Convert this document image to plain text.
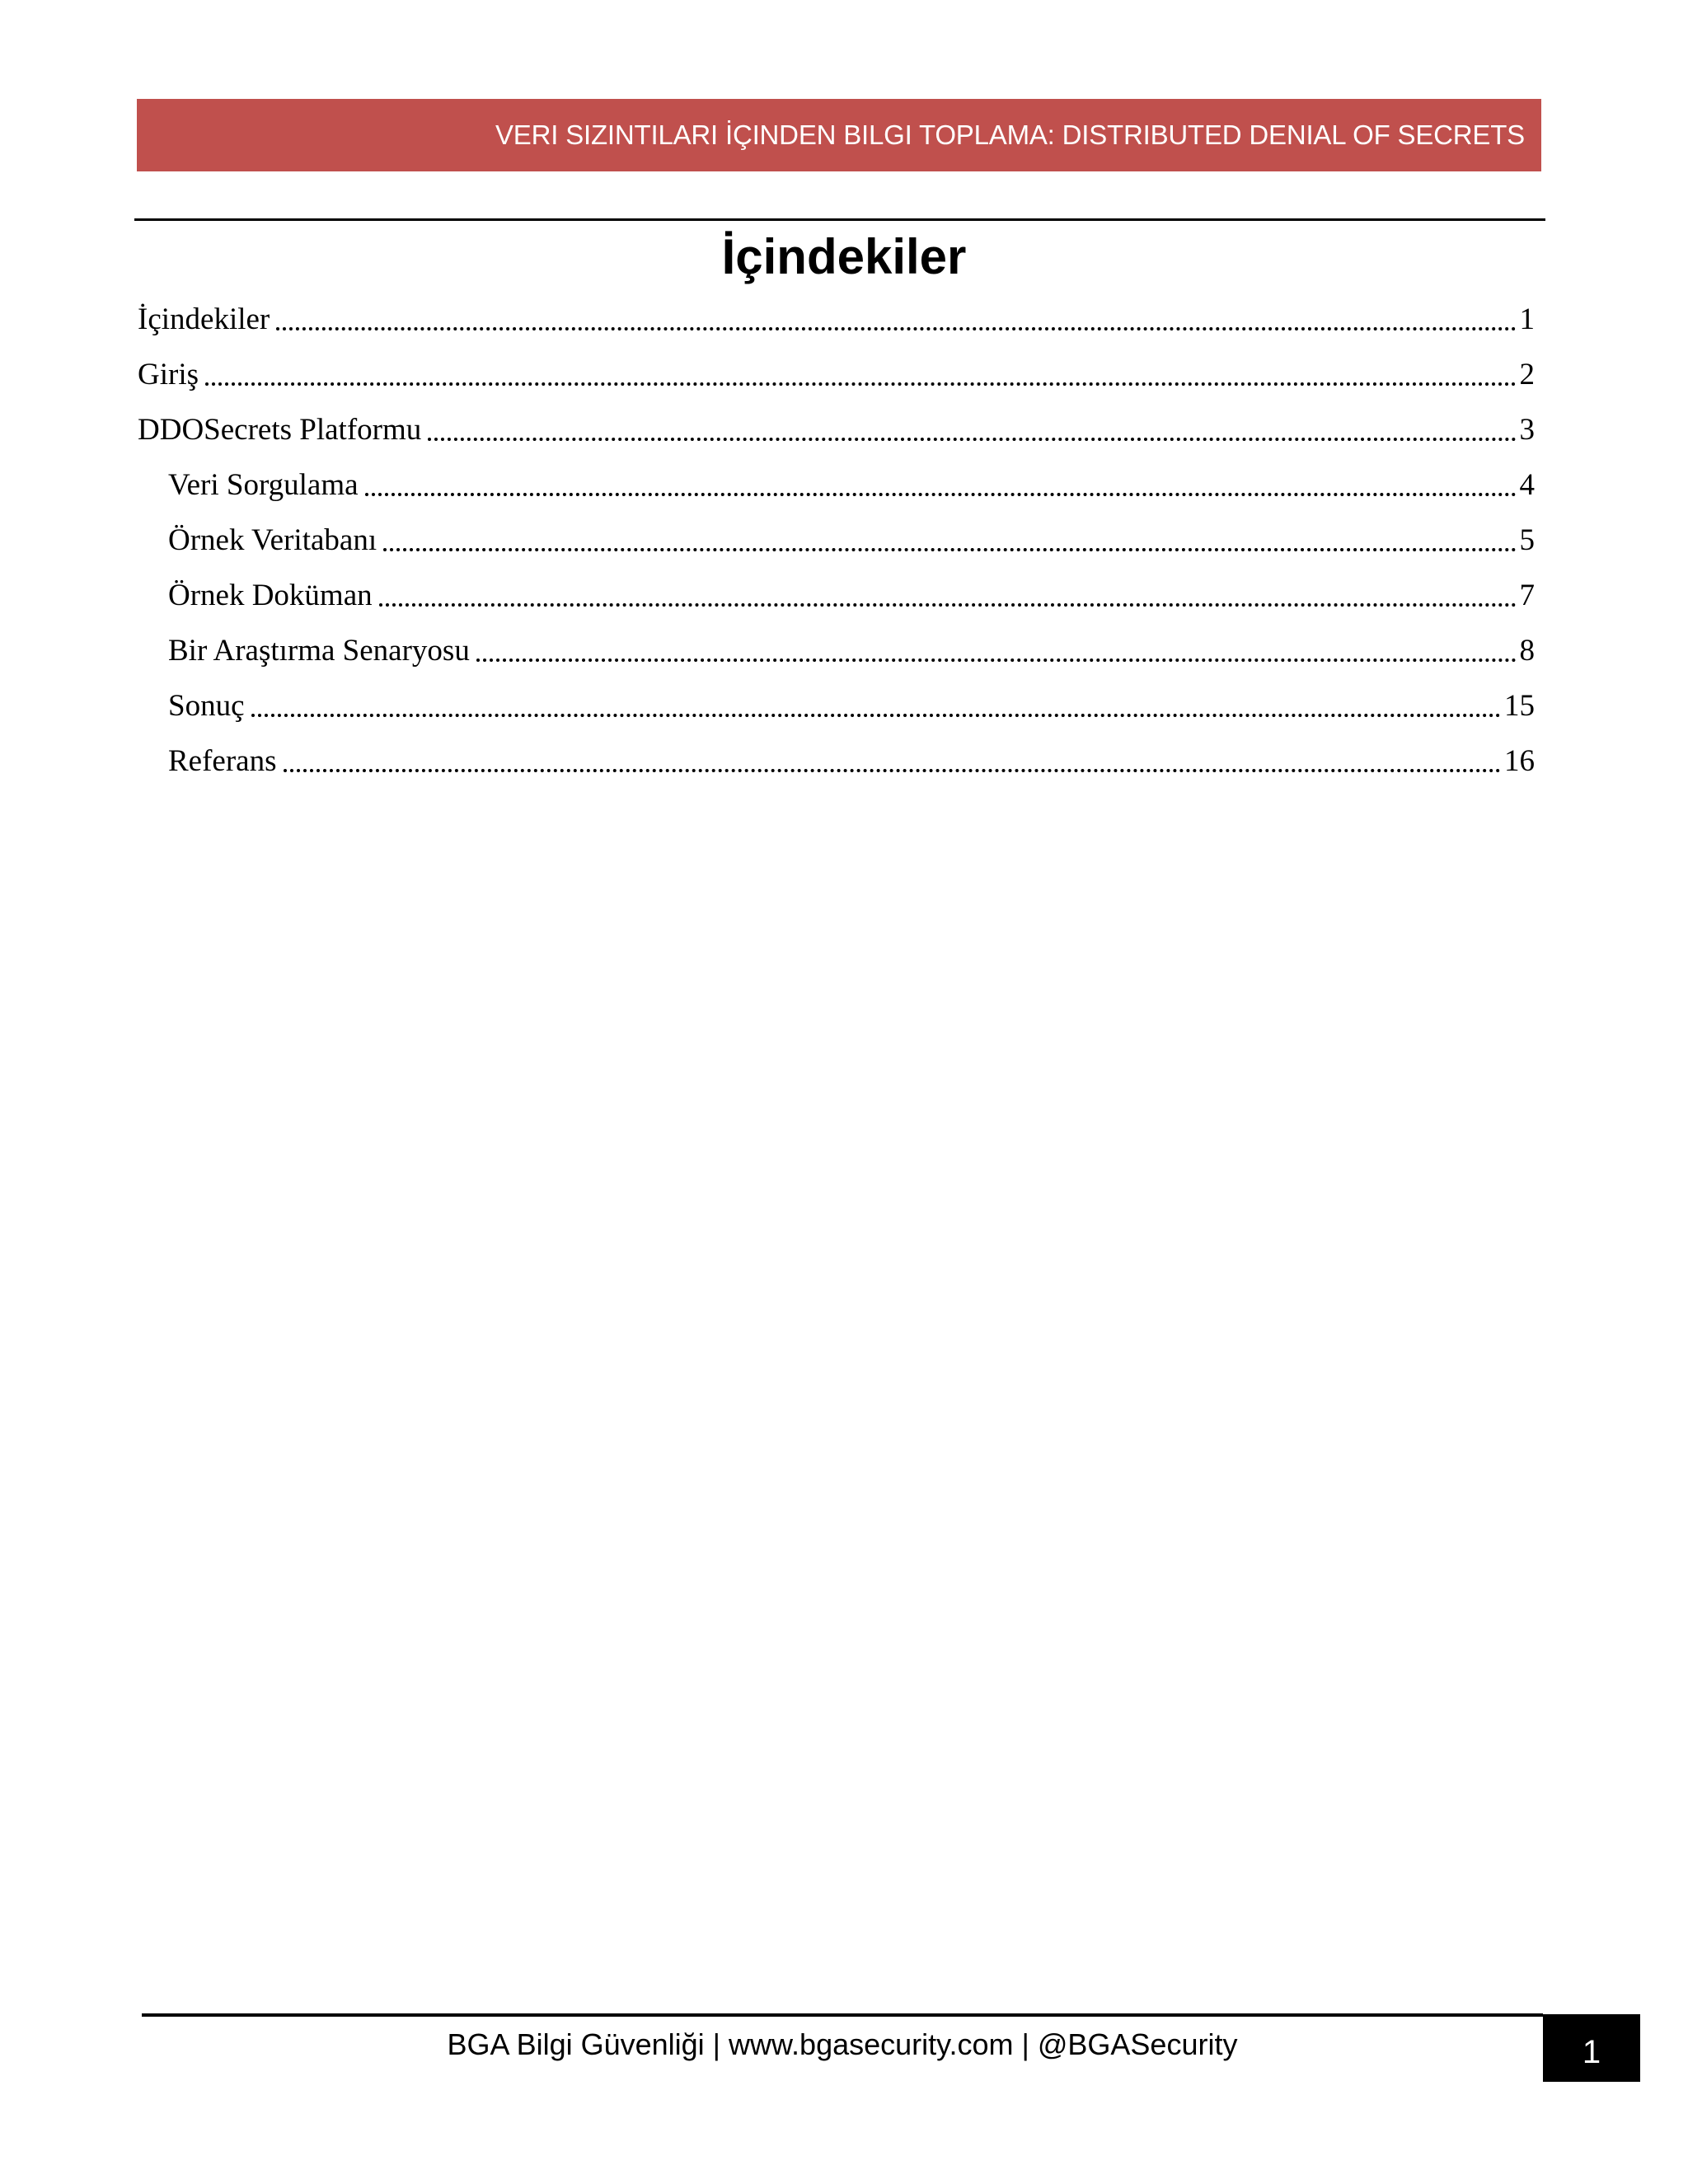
VERI SIZINTILARI İÇINDEN BILGI TOPLAMA: DISTRIBUTED DENIAL OF SECRETS
İçindekiler
İçindekiler	1
Giriş	2
DDOSecrets Platformu	3
Veri Sorgulama	4
Örnek Veritabanı	5
Örnek Doküman	7
Bir Araştırma Senaryosu	8
Sonuç	15
Referans	16
BGA Bilgi Güvenliği | www.bgasecurity.com | @BGASecurity	1
